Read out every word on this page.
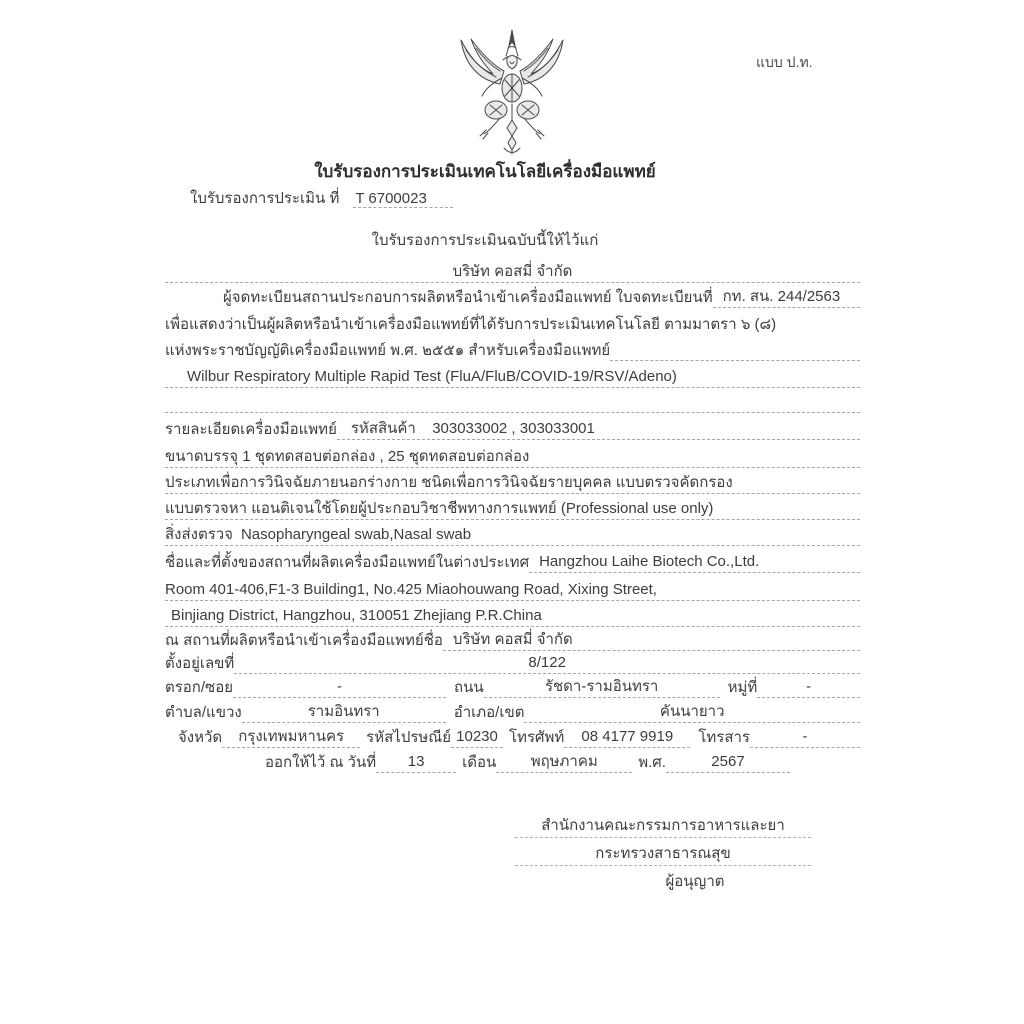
แบบ ป.ท.
ใบรับรองการประเมินเทคโนโลยีเครื่องมือแพทย์
ใบรับรองการประเมิน ที่ T 6700023
ใบรับรองการประเมินฉบับนี้ให้ไว้แก่
บริษัท คอสมี่ จำกัด
ผู้จดทะเบียนสถานประกอบการผลิตหรือนำเข้าเครื่องมือแพทย์ ใบจดทะเบียนที่ กท. สน. 244/2563
เพื่อแสดงว่าเป็นผู้ผลิตหรือนำเข้าเครื่องมือแพทย์ที่ได้รับการประเมินเทคโนโลยี ตามมาตรา ๖ (๘)
แห่งพระราชบัญญัติเครื่องมือแพทย์ พ.ศ. ๒๕๕๑ สำหรับเครื่องมือแพทย์
Wilbur Respiratory Multiple Rapid Test (FluA/FluB/COVID-19/RSV/Adeno)
รายละเอียดเครื่องมือแพทย์ รหัสสินค้า 303033002 , 303033001
ขนาดบรรจุ 1 ชุดทดสอบต่อกล่อง , 25 ชุดทดสอบต่อกล่อง
ประเภทเพื่อการวินิจฉัยภายนอกร่างกาย ชนิดเพื่อการวินิจฉัยรายบุคคล แบบตรวจคัดกรอง
แบบตรวจหา แอนติเจนใช้โดยผู้ประกอบวิชาชีพทางการแพทย์ (Professional use only)
สิ่งส่งตรวจ Nasopharyngeal swab,Nasal swab
ชื่อและที่ตั้งของสถานที่ผลิตเครื่องมือแพทย์ในต่างประเทศ Hangzhou Laihe Biotech Co.,Ltd.
Room 401-406,F1-3 Building1, No.425 Miaohouwang Road, Xixing Street,
Binjiang District, Hangzhou, 310051 Zhejiang P.R.China
ณ สถานที่ผลิตหรือนำเข้าเครื่องมือแพทย์ชื่อ บริษัท คอสมี่ จำกัด
ตั้งอยู่เลขที่	8/122
ตรอก/ซอย	-	ถนน	รัชดา-รามอินทรา	หมู่ที่	-
ตำบล/แขวง	รามอินทรา	อำเภอ/เขต	คันนายาว
จังหวัด	กรุงเทพมหานคร	รหัสไปรษณีย์ 10230 โทรศัพท์	08 4177 9919	โทรสาร	-
ออกให้ไว้ ณ วันที่	13	เดือน	พฤษภาคม	พ.ศ.	2567
สำนักงานคณะกรรมการอาหารและยา
กระทรวงสาธารณสุข
ผู้อนุญาต
